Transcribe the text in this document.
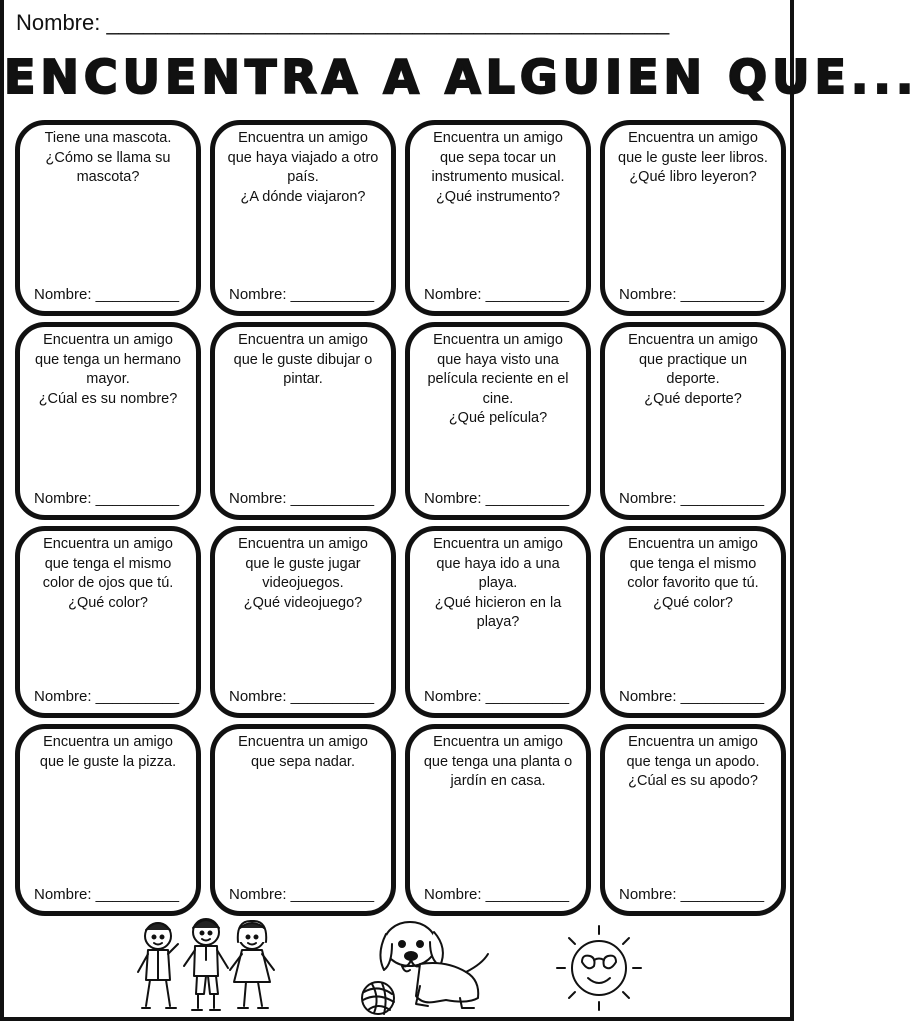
Nombre: ______________________________________________
ENCUENTRA A ALGUIEN QUE...
Tiene una mascota.
¿Cómo se llama su mascota?
Nombre: __________
Encuentra un amigo que haya viajado a otro país.
¿A dónde viajaron?
Nombre: __________
Encuentra un amigo que sepa tocar un instrumento musical.
¿Qué instrumento?
Nombre: __________
Encuentra un amigo que le guste leer libros.
¿Qué libro leyeron?
Nombre: __________
Encuentra un amigo que tenga un hermano mayor.
¿Cúal es su nombre?
Nombre: __________
Encuentra un amigo que le guste dibujar o pintar.
Nombre: __________
Encuentra un amigo que haya visto una película reciente en el cine.
¿Qué película?
Nombre: __________
Encuentra un amigo que practique un deporte.
¿Qué deporte?
Nombre: __________
Encuentra un amigo que tenga el mismo color de ojos que tú.
¿Qué color?
Nombre: __________
Encuentra un amigo que le guste jugar videojuegos.
¿Qué videojuego?
Nombre: __________
Encuentra un amigo que haya ido a una playa.
¿Qué hicieron en la playa?
Nombre: __________
Encuentra un amigo que tenga el mismo color favorito que tú.
¿Qué color?
Nombre: __________
Encuentra un amigo que le guste la pizza.
Nombre: __________
Encuentra un amigo que sepa nadar.
Nombre: __________
Encuentra un amigo que tenga una planta o jardín en casa.
Nombre: __________
Encuentra un amigo que tenga un apodo.
¿Cúal es su apodo?
Nombre: __________
